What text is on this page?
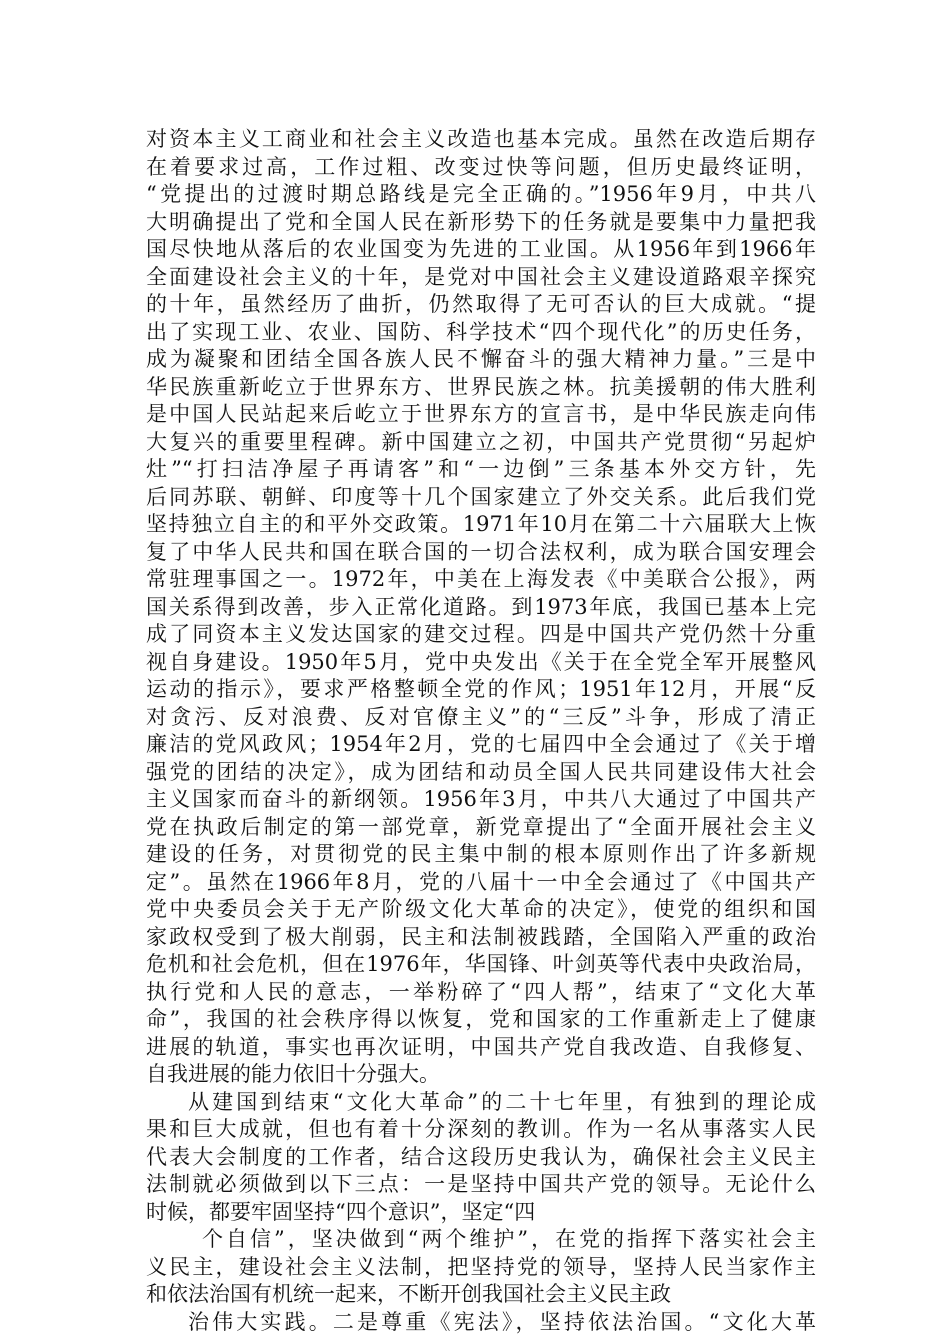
对资本主义工商业和社会主义改造也基本完成。虽然在改造后期存
在着要求过高，工作过粗、改变过快等问题，但历史最终证明，
“党提出的过渡时期总路线是完全正确的。”1956年9月，中共八
大明确提出了党和全国人民在新形势下的任务就是要集中力量把我
国尽快地从落后的农业国变为先进的工业国。从1956年到1966年
全面建设社会主义的十年，是党对中国社会主义建设道路艰辛探究
的十年，虽然经历了曲折，仍然取得了无可否认的巨大成就。“提
出了实现工业、农业、国防、科学技术“四个现代化”的历史任务，
成为凝聚和团结全国各族人民不懈奋斗的强大精神力量。”三是中
华民族重新屹立于世界东方、世界民族之林。抗美援朝的伟大胜利
是中国人民站起来后屹立于世界东方的宣言书，是中华民族走向伟
大复兴的重要里程碑。新中国建立之初，中国共产党贯彻“另起炉
灶”“打扫洁净屋子再请客”和“一边倒”三条基本外交方针，先
后同苏联、朝鲜、印度等十几个国家建立了外交关系。此后我们党
坚持独立自主的和平外交政策。1971年10月在第二十六届联大上恢
复了中华人民共和国在联合国的一切合法权利，成为联合国安理会
常驻理事国之一。1972年，中美在上海发表《中美联合公报》，两
国关系得到改善，步入正常化道路。到1973年底，我国已基本上完
成了同资本主义发达国家的建交过程。四是中国共产党仍然十分重
视自身建设。1950年5月，党中央发出《关于在全党全军开展整风
运动的指示》，要求严格整顿全党的作风；1951年12月，开展“反
对贪污、反对浪费、反对官僚主义”的“三反”斗争，形成了清正
廉洁的党风政风；1954年2月，党的七届四中全会通过了《关于增
强党的团结的决定》，成为团结和动员全国人民共同建设伟大社会
主义国家而奋斗的新纲领。1956年3月，中共八大通过了中国共产
党在执政后制定的第一部党章，新党章提出了“全面开展社会主义
建设的任务，对贯彻党的民主集中制的根本原则作出了许多新规
定”。虽然在1966年8月，党的八届十一中全会通过了《中国共产
党中央委员会关于无产阶级文化大革命的决定》，使党的组织和国
家政权受到了极大削弱，民主和法制被践踏，全国陷入严重的政治
危机和社会危机，但在1976年，华国锋、叶剑英等代表中央政治局，
执行党和人民的意志，一举粉碎了“四人帮”，结束了“文化大革
命”，我国的社会秩序得以恢复，党和国家的工作重新走上了健康
进展的轨道，事实也再次证明，中国共产党自我改造、自我修复、
自我进展的能力依旧十分强大。
从建国到结束“文化大革命”的二十七年里，有独到的理论成
果和巨大成就，但也有着十分深刻的教训。作为一名从事落实人民
代表大会制度的工作者，结合这段历史我认为，确保社会主义民主
法制就必须做到以下三点：一是坚持中国共产党的领导。无论什么
时候，都要牢固坚持“四个意识”，坚定“四
个自信”，坚决做到“两个维护”，在党的指挥下落实社会主
义民主，建设社会主义法制，把坚持党的领导，坚持人民当家作主
和依法治国有机统一起来，不断开创我国社会主义民主政
治伟大实践。二是尊重《宪法》，坚持依法治国。“文化大革
